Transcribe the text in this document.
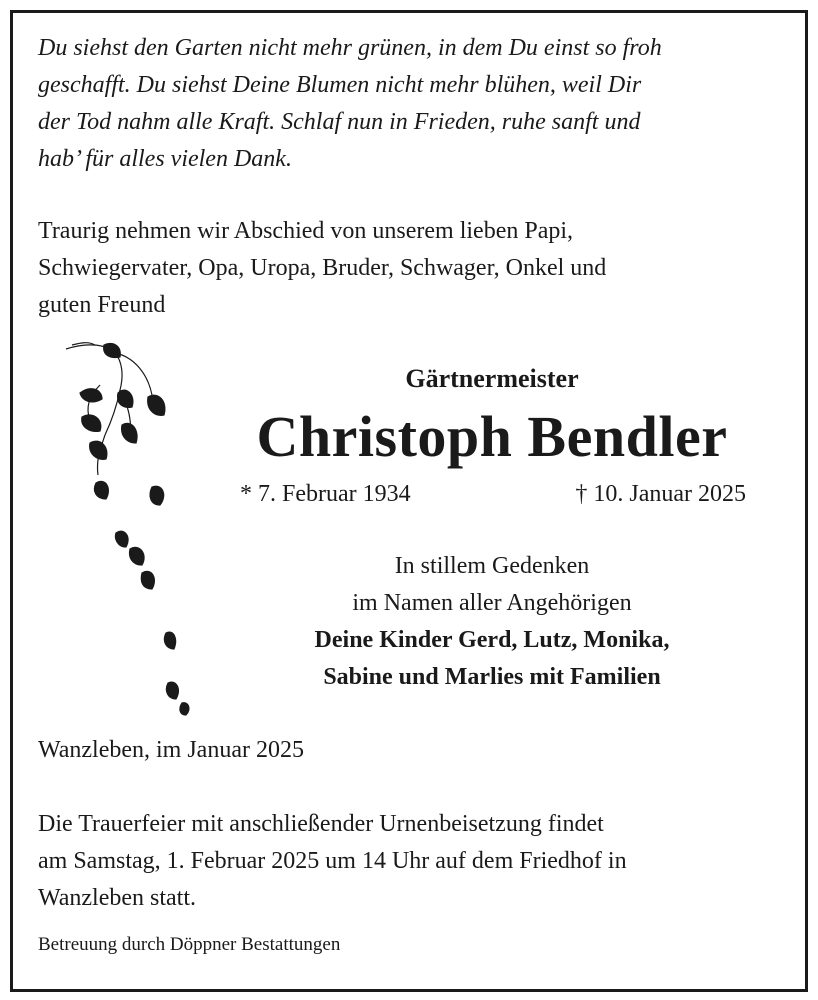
Du siehst den Garten nicht mehr grünen, in dem Du einst so froh
geschafft. Du siehst Deine Blumen nicht mehr blühen, weil Dir
der Tod nahm alle Kraft. Schlaf nun in Frieden, ruhe sanft und
hab’ für alles vielen Dank.
Traurig nehmen wir Abschied von unserem lieben Papi,
Schwiegervater, Opa, Uropa, Bruder, Schwager, Onkel und
guten Freund
Gärtnermeister
Christoph Bendler
* 7. Februar 1934	† 10. Januar 2025
In stillem Gedenken
im Namen aller Angehörigen
Deine Kinder Gerd, Lutz, Monika,
Sabine und Marlies mit Familien
Wanzleben, im Januar 2025
Die Trauerfeier mit anschließender Urnenbeisetzung findet
am Samstag, 1. Februar 2025 um 14 Uhr auf dem Friedhof in
Wanzleben statt.
Betreuung durch Döppner Bestattungen
